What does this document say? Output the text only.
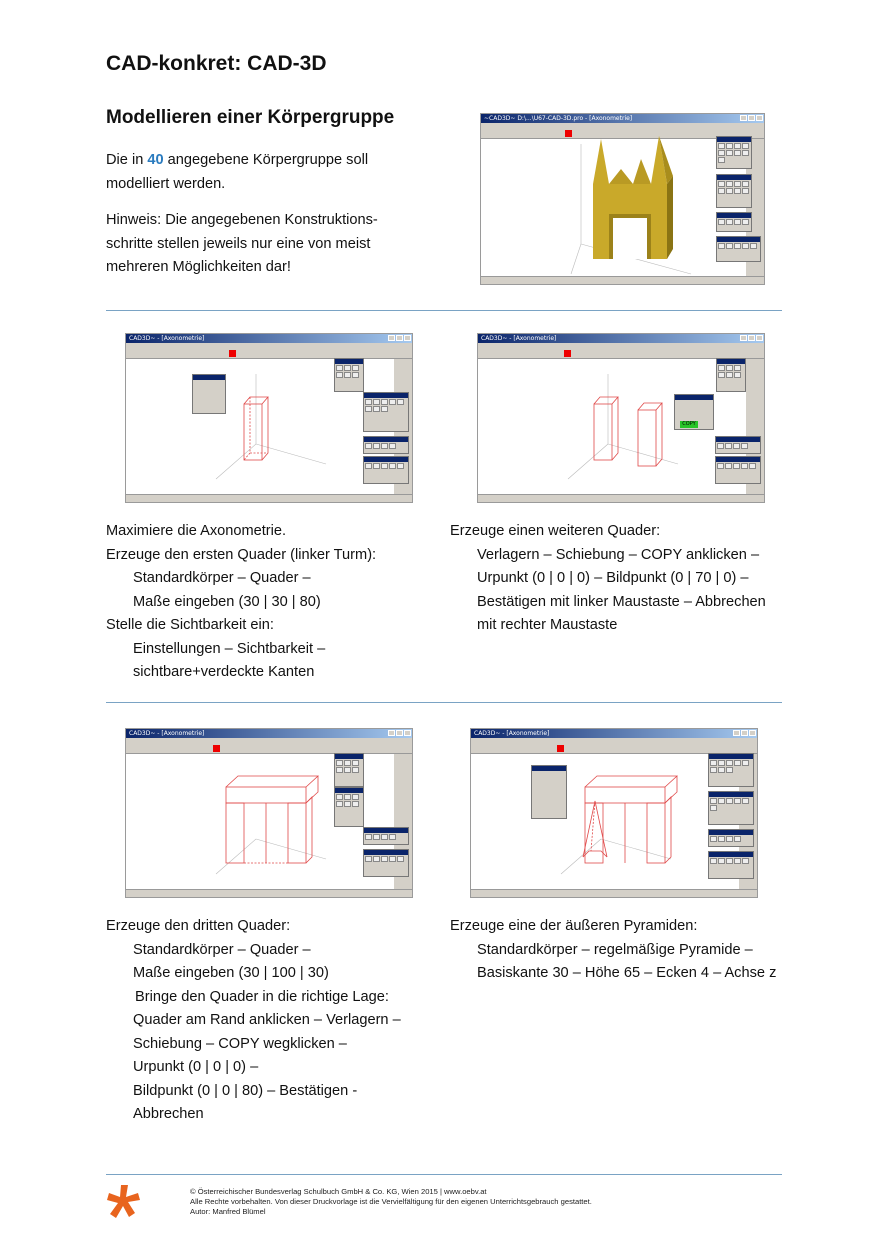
CAD-konkret: CAD-3D
Modellieren einer Körpergruppe

Die in 40 angegebene Körpergruppe soll

modelliert werden.

Hinweis: Die angegebenen Konstruktions-

schritte stellen jeweils nur eine von meist

mehreren Möglichkeiten dar!

~CAD3D~ D:\...\U67-CAD-3D.pro - [Axonometrie]
CAD3D~ - [Axonometrie]	CAD3D~ - [Axonometrie]
COPY

Maximiere die Axonometrie.

Erzeuge den ersten Quader (linker Turm):

Standardkörper – Quader –

Maße eingeben (30 | 30 | 80)

Stelle die Sichtbarkeit ein:

Einstellungen – Sichtbarkeit –

sichtbare+verdeckte Kanten

Erzeuge einen weiteren Quader:

Verlagern – Schiebung – COPY anklicken –

Urpunkt (0 | 0 | 0) – Bildpunkt (0 | 70 | 0) –

Bestätigen mit linker Maustaste – Abbrechen

mit rechter Maustaste

CAD3D~ - [Axonometrie]	CAD3D~ - [Axonometrie]

Erzeuge den dritten Quader:

Standardkörper – Quader –

Maße eingeben (30 | 100 | 30)

Bringe den Quader in die richtige Lage:

Quader am Rand anklicken – Verlagern –

Schiebung – COPY wegklicken –

Urpunkt (0 | 0 | 0) –

Bildpunkt (0 | 0 | 80) – Bestätigen -

Abbrechen

Erzeuge eine der äußeren Pyramiden:

Standardkörper – regelmäßige Pyramide –

Basiskante 30 – Höhe 65 – Ecken 4 – Achse z

© Österreichischer Bundesverlag Schulbuch GmbH & Co. KG, Wien 2015 | www.oebv.at
Alle Rechte vorbehalten. Von dieser Druckvorlage ist die Vervielfältigung für den eigenen Unterrichtsgebrauch gestattet.
Autor: Manfred Blümel
